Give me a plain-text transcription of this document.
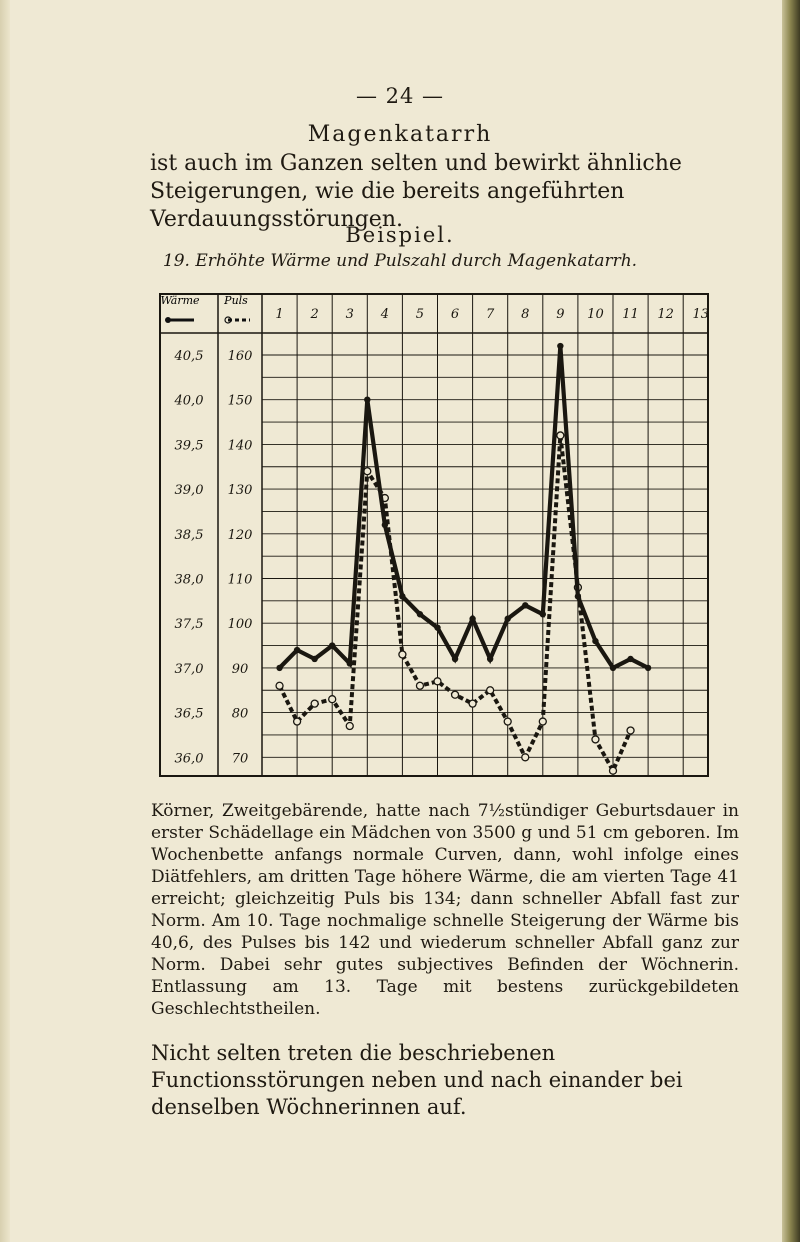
— 24 —
Magenkatarrh
ist auch im Ganzen selten und bewirkt ähnliche Steigerungen, wie die bereits angeführten Verdauungsstörungen.
Beispiel.
19. Erhöhte Wärme und Pulszahl durch Magenkatarrh.
Wärme Puls
1 2 3 4 5 6 7 8 9 10 11 12 13
40,5
40,0
39,5
39,0
38,5
38,0
37,5
37,0
36,5
36,0
160
150
140
130
120
110
100
90
80
70
Körner, Zweitgebärende, hatte nach 7½stündiger Geburtsdauer in erster Schädellage ein Mädchen von 3500 g und 51 cm geboren. Im Wochenbette anfangs normale Curven, dann, wohl infolge eines Diätfehlers, am dritten Tage höhere Wärme, die am vierten Tage 41 erreicht; gleichzeitig Puls bis 134; dann schneller Abfall fast zur Norm. Am 10. Tage nochmalige schnelle Steigerung der Wärme bis 40,6, des Pulses bis 142 und wiederum schneller Abfall ganz zur Norm. Dabei sehr gutes subjectives Befinden der Wöchnerin. Entlassung am 13. Tage mit bestens zurückgebildeten Geschlechtstheilen.
Nicht selten treten die beschriebenen Functionsstörungen neben und nach einander bei denselben Wöchnerinnen auf.
